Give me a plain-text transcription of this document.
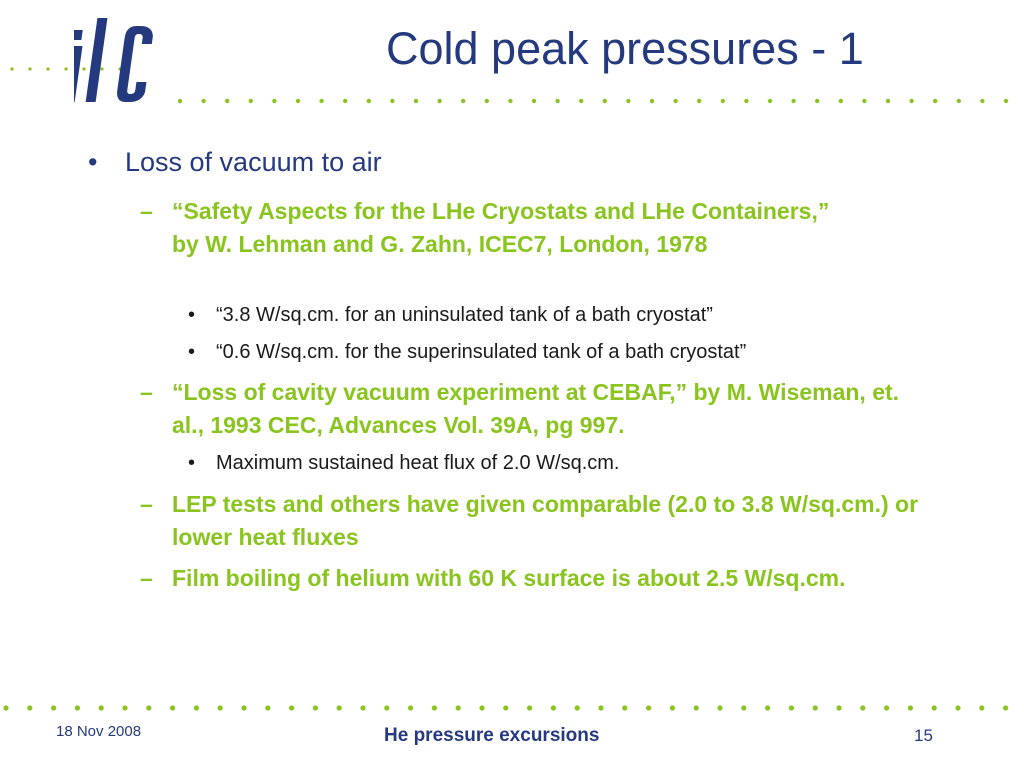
Cold peak pressures - 1
• Loss of vacuum to air
– “Safety Aspects for the LHe Cryostats and LHe Containers,” by W. Lehman and G. Zahn, ICEC7, London, 1978
• “3.8 W/sq.cm. for an uninsulated tank of a bath cryostat”
• “0.6 W/sq.cm. for the superinsulated tank of a bath cryostat”
– “Loss of cavity vacuum experiment at CEBAF,” by M. Wiseman, et. al., 1993 CEC, Advances Vol. 39A, pg 997.
• Maximum sustained heat flux of 2.0 W/sq.cm.
– LEP tests and others have given comparable (2.0 to 3.8 W/sq.cm.) or lower heat fluxes
– Film boiling of helium with 60 K surface is about 2.5 W/sq.cm.
18 Nov 2008	He pressure excursions	15
